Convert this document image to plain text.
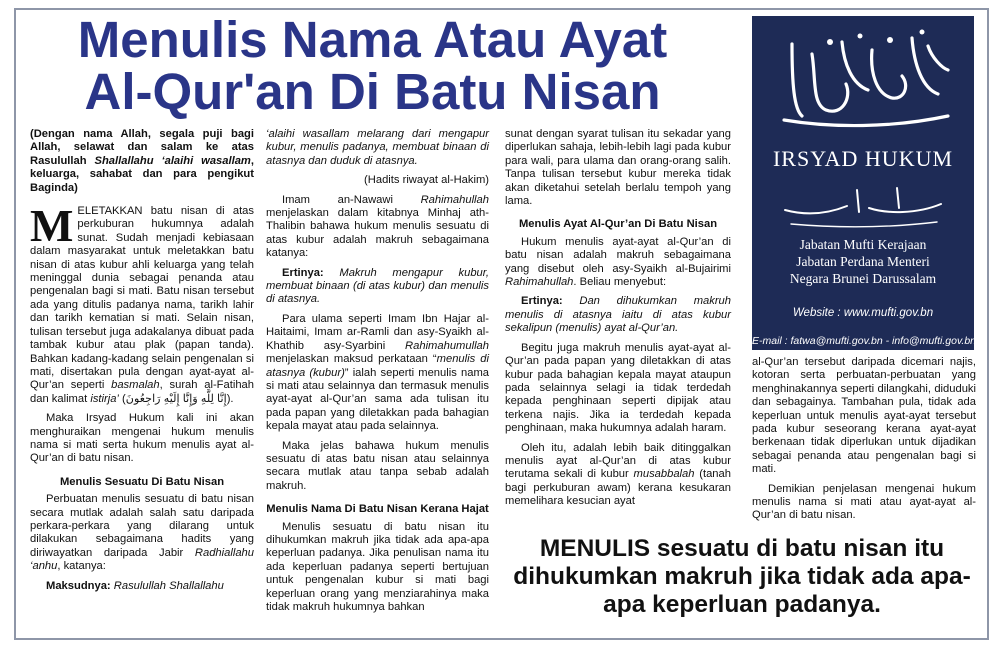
Menulis Nama Atau Ayat
Al-Qur'an Di Batu Nisan

(Dengan nama Allah, segala puji bagi Allah, selawat dan salam ke atas Rasulullah Shallallahu ‘alaihi wasallam, keluarga, sahabat dan para pengikut Baginda)

MELETAKKAN batu nisan di atas perkuburan hukumnya adalah sunat. Sudah menjadi kebiasaan dalam masyarakat untuk meletakkan batu nisan di atas kubur ahli keluarga yang telah meninggal dunia sebagai penanda atau pengenalan bagi si mati. Batu nisan tersebut ada yang ditulis padanya nama, tarikh lahir dan tarikh kematian si mati. Selain nisan, tulisan tersebut juga adakalanya dibuat pada tambak kubur atau plak (papan tanda). Bahkan kadang-kadang selain pengenalan si mati, disertakan pula dengan ayat-ayat al-Qur’an seperti basmalah, surah al-Fatihah dan kalimat istirja’ (إِنَّا لِلَّهِ وَإِنَّا إِلَيْهِ رَاجِعُونَ).

Maka Irsyad Hukum kali ini akan menghuraikan mengenai hukum menulis nama si mati serta hukum menulis ayat al-Qur’an di batu nisan.

Menulis Sesuatu Di Batu Nisan

Perbuatan menulis sesuatu di batu nisan secara mutlak adalah salah satu daripada perkara-perkara yang dilarang untuk dilakukan sebagaimana hadits yang diriwayatkan daripada Jabir Radhiallahu ‘anhu, katanya:

Maksudnya: Rasulullah Shallallahu

‘alaihi wasallam melarang dari mengapur kubur, menulis padanya, membuat binaan di atasnya dan duduk di atasnya.

(Hadits riwayat al-Hakim)

Imam an-Nawawi Rahimahullah menjelaskan dalam kitabnya Minhaj ath-Thalibin bahawa hukum menulis sesuatu di atas kubur adalah makruh sebagaimana katanya:

Ertinya: Makruh mengapur kubur, membuat binaan (di atas kubur) dan menulis di atasnya.

Para ulama seperti Imam Ibn Hajar al-Haitaimi, Imam ar-Ramli dan asy-Syaikh al-Khathib asy-Syarbini Rahimahumullah menjelaskan maksud perkataan “menulis di atasnya (kubur)” ialah seperti menulis nama si mati atau selainnya dan termasuk menulis ayat-ayat al-Qur’an sama ada tulisan itu pada papan yang diletakkan pada bahagian kepala mayat atau pada selainnya.

Maka jelas bahawa hukum menulis sesuatu di atas batu nisan atau selainnya secara mutlak atau tanpa sebab adalah makruh.

Menulis Nama Di Batu Nisan Kerana Hajat

Menulis sesuatu di batu nisan itu dihukumkan makruh jika tidak ada apa-apa keperluan padanya. Jika penulisan nama itu ada keperluan padanya seperti bertujuan untuk pengenalan kubur si mati bagi keperluan orang yang menziarahinya maka tidak makruh hukumnya bahkan

sunat dengan syarat tulisan itu sekadar yang diperlukan sahaja, lebih-lebih lagi pada kubur para wali, para ulama dan orang-orang salih. Tanpa tulisan tersebut kubur mereka tidak akan diketahui setelah berlalu tempoh yang lama.

Menulis Ayat Al-Qur’an Di Batu Nisan

Hukum menulis ayat-ayat al-Qur’an di batu nisan adalah makruh sebagaimana yang disebut oleh asy-Syaikh al-Bujairimi Rahimahullah. Beliau menyebut:

Ertinya: Dan dihukumkan makruh menulis di atasnya iaitu di atas kubur sekalipun (menulis) ayat al-Qur’an.

Begitu juga makruh menulis ayat-ayat al-Qur’an pada papan yang diletakkan di atas kubur pada bahagian kepala mayat ataupun pada selainnya selagi ia tidak terdedah kepada penghinaan seperti dipijak atau terkena najis. Jika ia terdedah kepada penghinaan, maka hukumnya adalah haram.

Oleh itu, adalah lebih baik ditinggalkan menulis ayat al-Qur’an di atas kubur terutama sekali di kubur musabbalah (tanah bagi perkuburan awam) kerana kesukaran memelihara kesucian ayat

IRSYAD HUKUM
Jabatan Mufti Kerajaan
Jabatan Perdana Menteri
Negara Brunei Darussalam
Website : www.mufti.gov.bn
E-mail : fatwa@mufti.gov.bn - info@mufti.gov.bn

al-Qur’an tersebut daripada dicemari najis, kotoran serta perbuatan-perbuatan yang menghinakannya seperti dilangkahi, diduduki dan sebagainya. Tambahan pula, tidak ada keperluan untuk menulis ayat-ayat tersebut pada kubur seseorang kerana ayat-ayat berkenaan tidak diperlukan untuk dijadikan sebagai penanda atau pengenalan bagi si mati.

Demikian penjelasan mengenai hukum menulis nama si mati atau ayat-ayat al-Qur’an di batu nisan.

MENULIS sesuatu di batu nisan itu dihukumkan makruh jika tidak ada apa-apa keperluan padanya.
